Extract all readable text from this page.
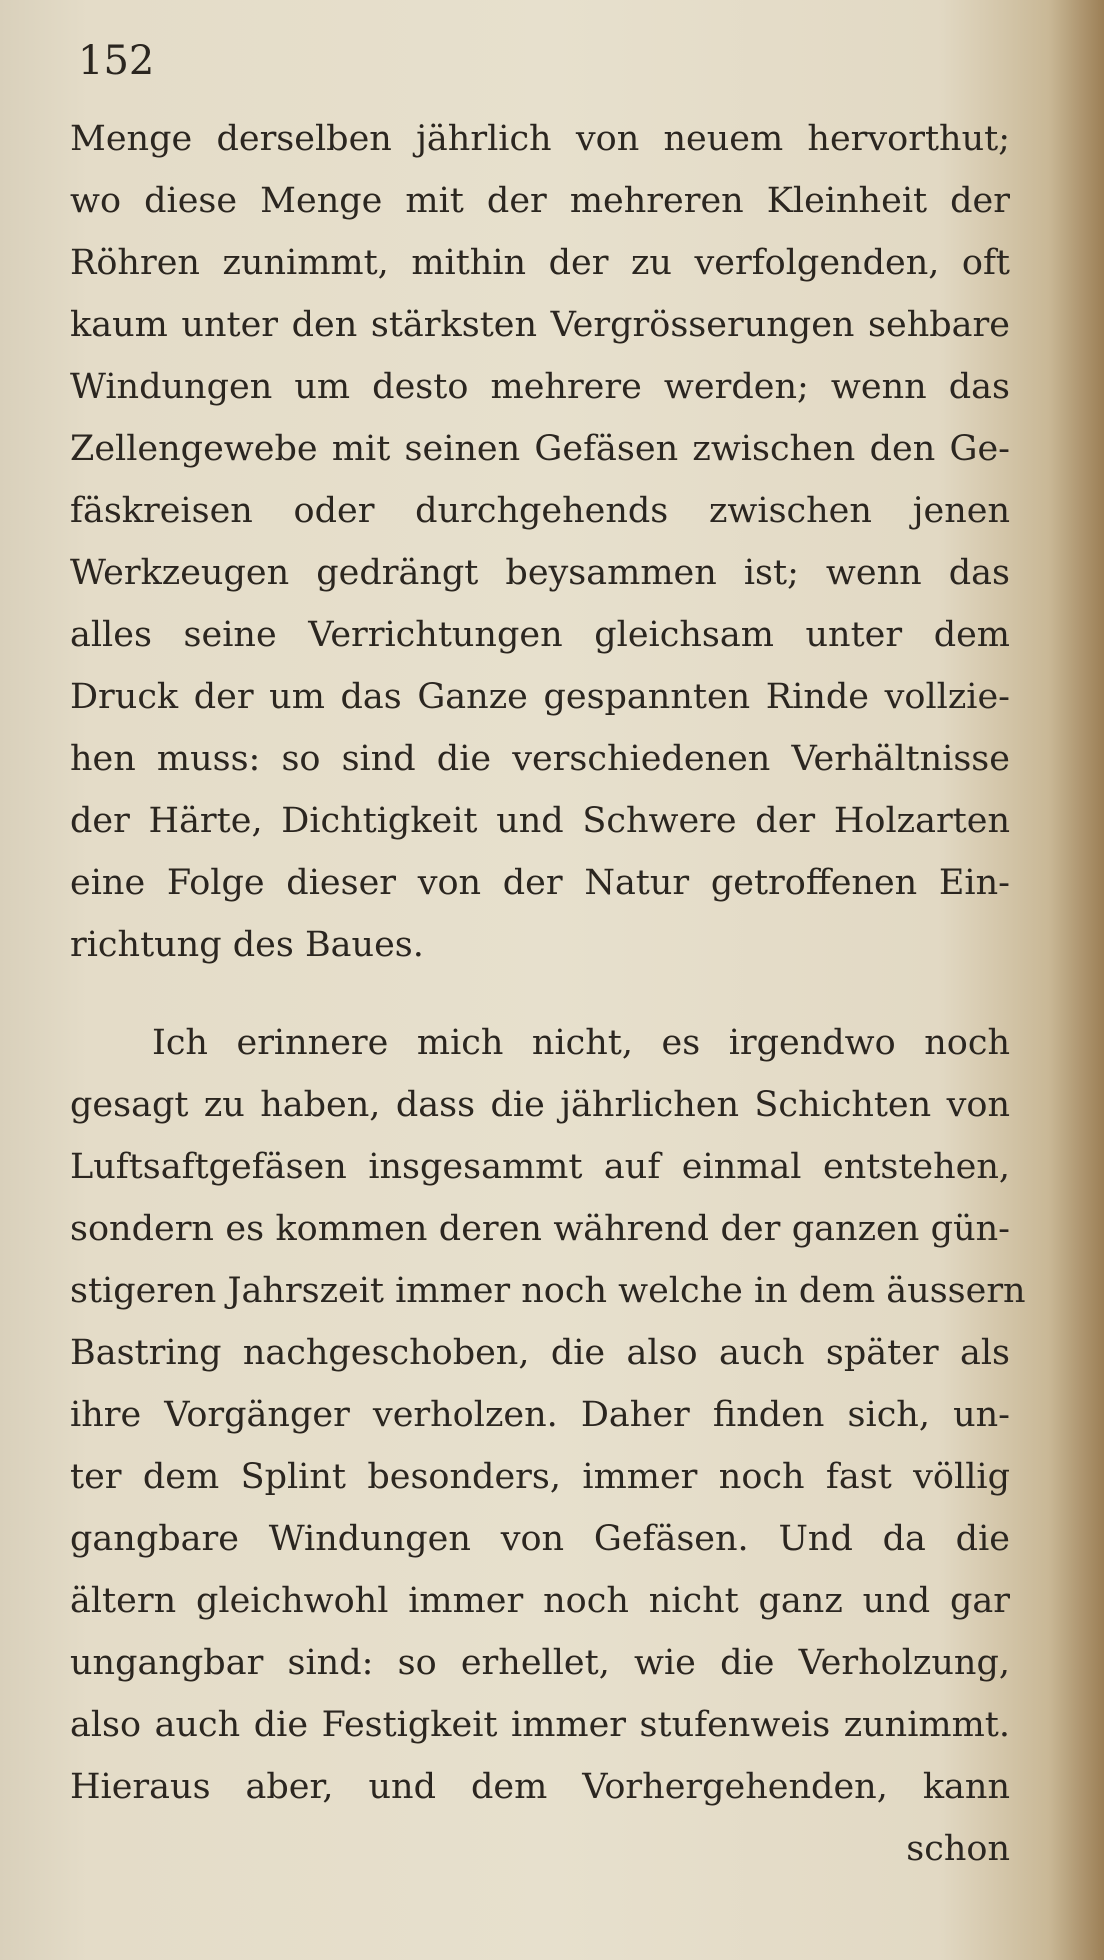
152
Menge derselben jährlich von neuem hervorthut;
wo diese Menge mit der mehreren Kleinheit der
Röhren zunimmt, mithin der zu verfolgenden, oft
kaum unter den stärksten Vergrösserungen sehbare
Windungen um desto mehrere werden; wenn das
Zellengewebe mit seinen Gefäsen zwischen den Ge-
fäskreisen oder durchgehends zwischen jenen
Werkzeugen gedrängt beysammen ist; wenn das
alles seine Verrichtungen gleichsam unter dem
Druck der um das Ganze gespannten Rinde vollzie-
hen muss: so sind die verschiedenen Verhältnisse
der Härte, Dichtigkeit und Schwere der Holzarten
eine Folge dieser von der Natur getroffenen Ein-
richtung des Baues.
Ich erinnere mich nicht, es irgendwo noch
gesagt zu haben, dass die jährlichen Schichten von
Luftsaftgefäsen insgesammt auf einmal entstehen,
sondern es kommen deren während der ganzen gün-
stigeren Jahrszeit immer noch welche in dem äussern
Bastring nachgeschoben, die also auch später als
ihre Vorgänger verholzen. Daher finden sich, un-
ter dem Splint besonders, immer noch fast völlig
gangbare Windungen von Gefäsen. Und da die
ältern gleichwohl immer noch nicht ganz und gar
ungangbar sind: so erhellet, wie die Verholzung,
also auch die Festigkeit immer stufenweis zunimmt.
Hieraus aber, und dem Vorhergehenden, kann
schon
